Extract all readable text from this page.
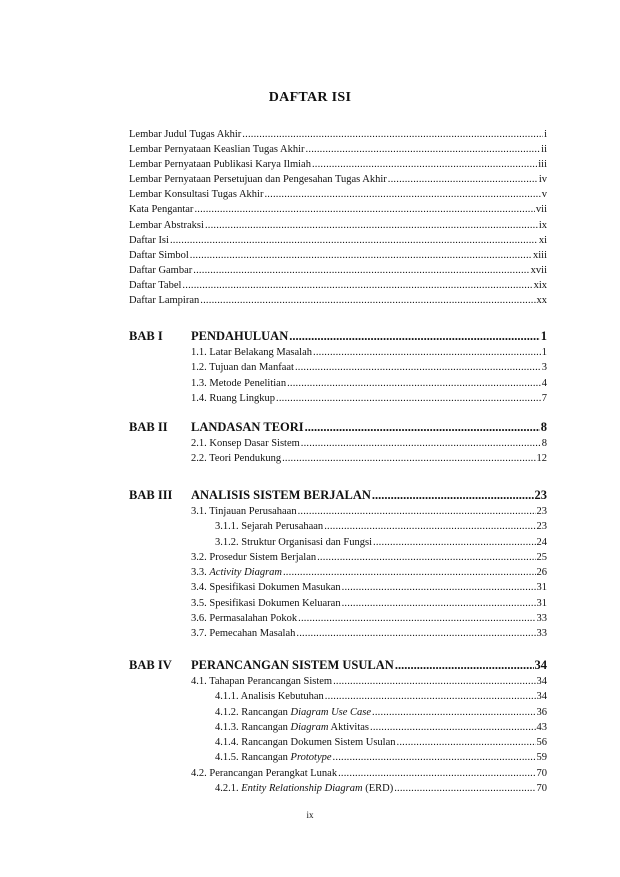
DAFTAR ISI
Lembar Judul Tugas Akhir .....	i
Lembar Pernyataan Keaslian Tugas Akhir .....	ii
Lembar Pernyataan Publikasi Karya Ilmiah .....	iii
Lembar Pernyataan Persetujuan dan Pengesahan Tugas Akhir .....	iv
Lembar Konsultasi Tugas Akhir .....	v
Kata Pengantar .....	vii
Lembar Abstraksi .....	ix
Daftar Isi .....	xi
Daftar Simbol .....	xiii
Daftar Gambar .....	xvii
Daftar Tabel .....	xix
Daftar Lampiran .....	xx
BAB I	PENDAHULUAN .....	1
1.1. Latar Belakang Masalah .....	1
1.2. Tujuan dan Manfaat .....	3
1.3. Metode Penelitian .....	4
1.4. Ruang Lingkup .....	7
BAB II	LANDASAN TEORI .....	8
2.1. Konsep Dasar Sistem .....	8
2.2. Teori Pendukung .....	12
BAB III	ANALISIS SISTEM BERJALAN .....	23
3.1. Tinjauan Perusahaan .....	23
3.1.1. Sejarah Perusahaan .....	23
3.1.2. Struktur Organisasi dan Fungsi .....	24
3.2. Prosedur Sistem Berjalan .....	25
3.3. Activity Diagram .....	26
3.4. Spesifikasi Dokumen Masukan .....	31
3.5. Spesifikasi Dokumen Keluaran .....	31
3.6. Permasalahan Pokok .....	33
3.7. Pemecahan Masalah .....	33
BAB IV	PERANCANGAN SISTEM USULAN .....	34
4.1. Tahapan Perancangan Sistem .....	34
4.1.1. Analisis Kebutuhan .....	34
4.1.2. Rancangan Diagram Use Case .....	36
4.1.3. Rancangan Diagram Aktivitas .....	43
4.1.4. Rancangan Dokumen Sistem Usulan .....	56
4.1.5. Rancangan Prototype .....	59
4.2. Perancangan Perangkat Lunak .....	70
4.2.1. Entity Relationship Diagram (ERD) .....	70
ix
